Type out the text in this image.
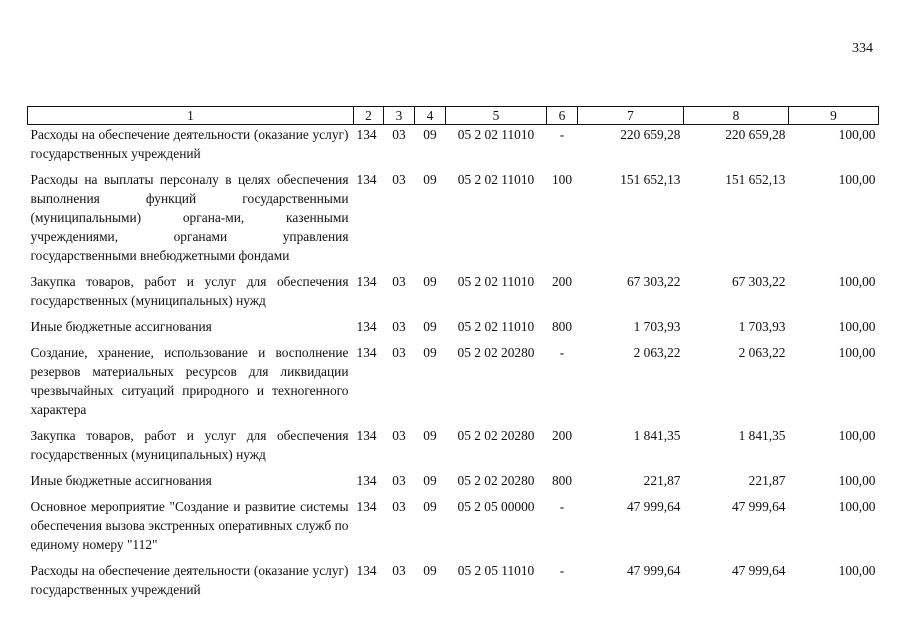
334
1	2	3	4	5	6	7	8	9
Расходы на обеспечение деятельности (оказание услуг) государственных учреждений	134	03	09	05 2 02 11010	-	220 659,28	220 659,28	100,00
Расходы на выплаты персоналу в целях обеспечения выполнения функций государственными (муниципальными) органа-ми, казенными учреждениями, органами управления государственными внебюджетными фондами	134	03	09	05 2 02 11010	100	151 652,13	151 652,13	100,00
Закупка товаров, работ и услуг для обеспечения государственных (муниципальных) нужд	134	03	09	05 2 02 11010	200	67 303,22	67 303,22	100,00
Иные бюджетные ассигнования	134	03	09	05 2 02 11010	800	1 703,93	1 703,93	100,00
Создание, хранение, использование и восполнение резервов материальных ресурсов для ликвидации чрезвычайных ситуаций природного и техногенного характера	134	03	09	05 2 02 20280	-	2 063,22	2 063,22	100,00
Закупка товаров, работ и услуг для обеспечения государственных (муниципальных) нужд	134	03	09	05 2 02 20280	200	1 841,35	1 841,35	100,00
Иные бюджетные ассигнования	134	03	09	05 2 02 20280	800	221,87	221,87	100,00
Основное мероприятие "Создание и развитие системы обеспечения вызова экстренных оперативных служб по единому номеру "112"	134	03	09	05 2 05 00000	-	47 999,64	47 999,64	100,00
Расходы на обеспечение деятельности (оказание услуг) государственных учреждений	134	03	09	05 2 05 11010	-	47 999,64	47 999,64	100,00
